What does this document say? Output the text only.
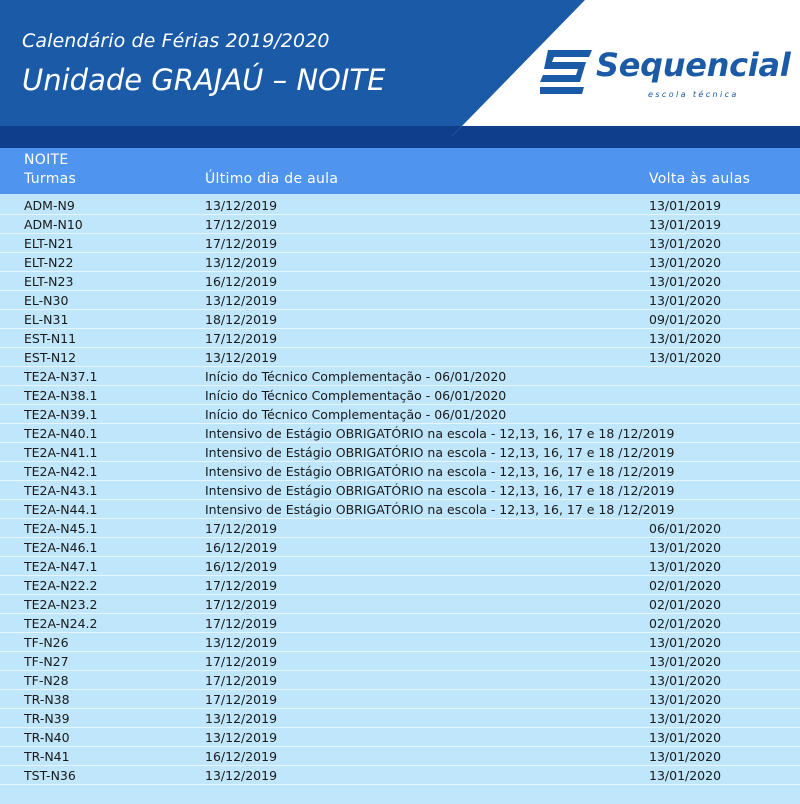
Calendário de Férias 2019/2020
Unidade GRAJAÚ – NOITE	Sequencial
escola técnica
NOITE
Turmas	Último dia de aula	Volta às aulas
ADM-N9	13/12/2019	13/01/2019
ADM-N10	17/12/2019	13/01/2019
ELT-N21	17/12/2019	13/01/2020
ELT-N22	13/12/2019	13/01/2020
ELT-N23	16/12/2019	13/01/2020
EL-N30	13/12/2019	13/01/2020
EL-N31	18/12/2019	09/01/2020
EST-N11	17/12/2019	13/01/2020
EST-N12	13/12/2019	13/01/2020
TE2A-N37.1	Início do Técnico Complementação - 06/01/2020
TE2A-N38.1	Início do Técnico Complementação - 06/01/2020
TE2A-N39.1	Início do Técnico Complementação - 06/01/2020
TE2A-N40.1	Intensivo de Estágio OBRIGATÓRIO na escola - 12,13, 16, 17 e 18 /12/2019
TE2A-N41.1	Intensivo de Estágio OBRIGATÓRIO na escola - 12,13, 16, 17 e 18 /12/2019
TE2A-N42.1	Intensivo de Estágio OBRIGATÓRIO na escola - 12,13, 16, 17 e 18 /12/2019
TE2A-N43.1	Intensivo de Estágio OBRIGATÓRIO na escola - 12,13, 16, 17 e 18 /12/2019
TE2A-N44.1	Intensivo de Estágio OBRIGATÓRIO na escola - 12,13, 16, 17 e 18 /12/2019
TE2A-N45.1	17/12/2019	06/01/2020
TE2A-N46.1	16/12/2019	13/01/2020
TE2A-N47.1	16/12/2019	13/01/2020
TE2A-N22.2	17/12/2019	02/01/2020
TE2A-N23.2	17/12/2019	02/01/2020
TE2A-N24.2	17/12/2019	02/01/2020
TF-N26	13/12/2019	13/01/2020
TF-N27	17/12/2019	13/01/2020
TF-N28	17/12/2019	13/01/2020
TR-N38	17/12/2019	13/01/2020
TR-N39	13/12/2019	13/01/2020
TR-N40	13/12/2019	13/01/2020
TR-N41	16/12/2019	13/01/2020
TST-N36	13/12/2019	13/01/2020
